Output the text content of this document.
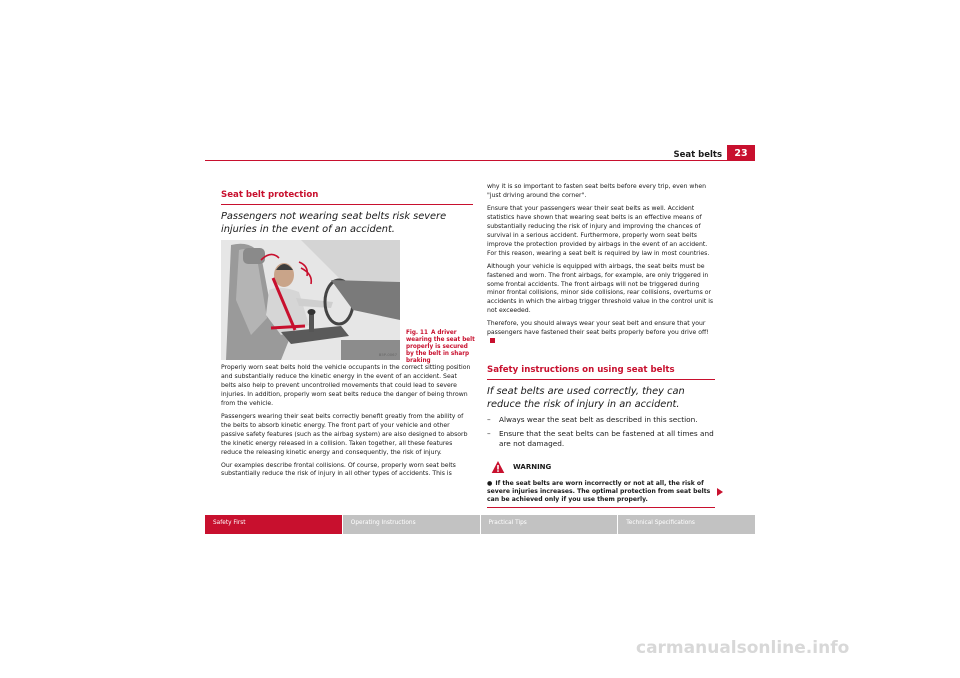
Seat belts	23
Seat belt protection

Passengers not wearing seat belts risk severe injuries in the event of an accident.

B5P-0067
Fig. 11 A driver wearing the seat belt properly is secured by the belt in sharp braking

Properly worn seat belts hold the vehicle occupants in the correct sitting position and substantially reduce the kinetic energy in the event of an accident. Seat belts also help to prevent uncontrolled movements that could lead to severe injuries. In addition, properly worn seat belts reduce the danger of being thrown from the vehicle.

Passengers wearing their seat belts correctly benefit greatly from the ability of the belts to absorb kinetic energy. The front part of your vehicle and other passive safety features (such as the airbag system) are also designed to absorb the kinetic energy released in a collision. Taken together, all these features reduce the releasing kinetic energy and consequently, the risk of injury.

Our examples describe frontal collisions. Of course, properly worn seat belts substantially reduce the risk of injury in all other types of accidents. This is

why it is so important to fasten seat belts before every trip, even when "just driving around the corner".

Ensure that your passengers wear their seat belts as well. Accident statistics have shown that wearing seat belts is an effective means of substantially reducing the risk of injury and improving the chances of survival in a serious accident. Furthermore, properly worn seat belts improve the protection provided by airbags in the event of an accident. For this reason, wearing a seat belt is required by law in most countries.

Although your vehicle is equipped with airbags, the seat belts must be fastened and worn. The front airbags, for example, are only triggered in some frontal accidents. The front airbags will not be triggered during minor frontal collisions, minor side collisions, rear collisions, overturns or accidents in which the airbag trigger threshold value in the control unit is not exceeded.

Therefore, you should always wear your seat belt and ensure that your passengers have fastened their seat belts properly before you drive off!

Safety instructions on using seat belts

If seat belts are used correctly, they can reduce the risk of injury in an accident.

– Always wear the seat belt as described in this section.
– Ensure that the seat belts can be fastened at all times and are not damaged.
WARNING
● If the seat belts are worn incorrectly or not at all, the risk of severe injuries increases. The optimal protection from seat belts can be achieved only if you use them properly.
Safety First	Operating Instructions	Practical Tips	Technical Specifications
carmanualsonline.info
